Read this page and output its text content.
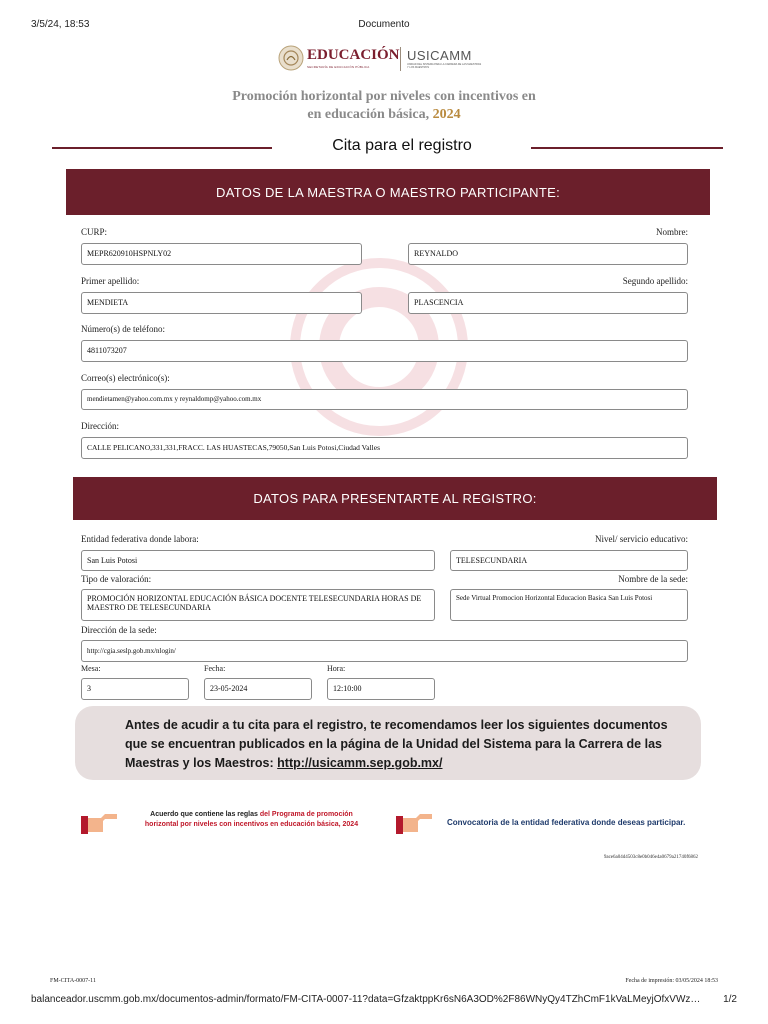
3/5/24, 18:53	Documento
EDUCACIÓN
SECRETARÍA DE EDUCACIÓN PÚBLICA
USICAMM
UNIDAD DEL SISTEMA PARA LA CARRERA DE LAS MAESTRAS Y LOS MAESTROS
Promoción horizontal por niveles con incentivos en
en educación básica, 2024
Cita para el registro
DATOS DE LA MAESTRA O MAESTRO PARTICIPANTE:
CURP:	Nombre:
MEPR620910HSPNLY02	REYNALDO
Primer apellido:	Segundo apellido:
MENDIETA	PLASCENCIA
Número(s) de teléfono:
4811073207
Correo(s) electrónico(s):
mendietamen@yahoo.com.mx y reynaldomp@yahoo.com.mx
Dirección:
CALLE PELICANO,331,331,FRACC. LAS HUASTECAS,79050,San Luis Potosi,Ciudad Valles
DATOS PARA PRESENTARTE AL REGISTRO:
Entidad federativa donde labora:	Nivel/ servicio educativo:
San Luis Potosi	TELESECUNDARIA
Tipo de valoración:	Nombre de la sede:
PROMOCIÓN HORIZONTAL EDUCACIÓN BÁSICA DOCENTE TELESECUNDARIA HORAS DE MAESTRO DE TELESECUNDARIA
Sede Virtual Promocion Horizontal Educacion Basica San Luis Potosi
Dirección de la sede:
http://cgia.seslp.gob.mx/nlogin/
Mesa:	Fecha:	Hora:
3	23-05-2024	12:10:00
Antes de acudir a tu cita para el registro, te recomendamos leer los siguientes documentos que se encuentran publicados en la página de la Unidad del Sistema para la Carrera de las Maestras y los Maestros: http://usicamm.sep.gob.mx/
Acuerdo que contiene las reglas del Programa de promoción horizontal por niveles con incentivos en educación básica, 2024	Convocatoria de la entidad federativa donde deseas participar.
9ace6a04d4503c8e0b046e4a0679a21740f6862
FM-CITA-0007-11	Fecha de impresión: 03/05/2024 18:53
balanceador.uscmm.gob.mx/documentos-admin/formato/FM-CITA-0007-11?data=GfzaktppKr6sN6A3OD%2F86WNyQy4TZhCmF1kVaLMeyjOfxVWz…	1/2
